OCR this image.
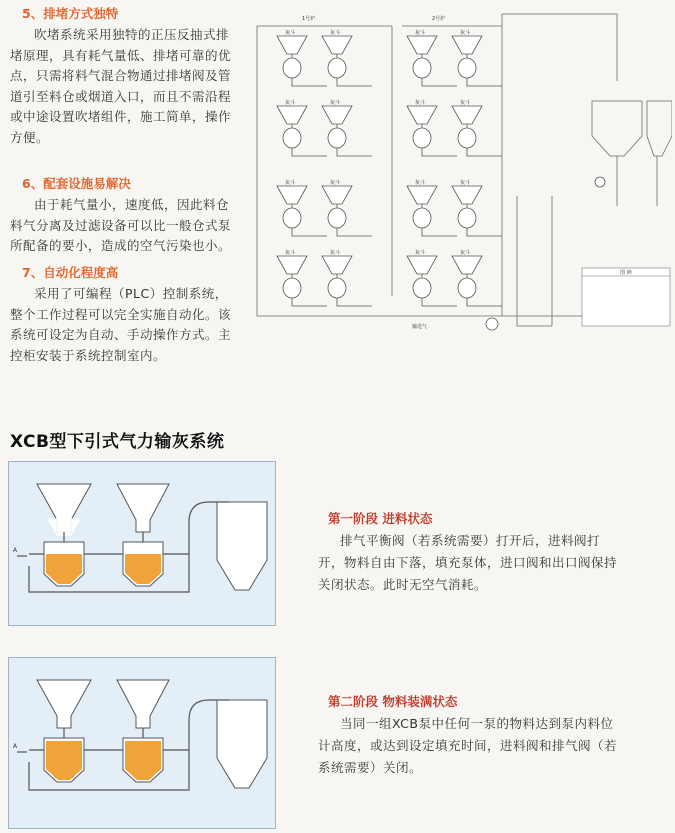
5、排堵方式独特
吹堵系统采用独特的正压反抽式排
堵原理，具有耗气量低、排堵可靠的优
点，只需将料气混合物通过排堵阀及管
道引至料仓或烟道入口，而且不需沿程
或中途设置吹堵组件，施工简单，操作
方便。
6、配套设施易解决
由于耗气量小，速度低，因此料仓
料气分离及过滤设备可以比一般仓式泵
所配备的要小，造成的空气污染也小。
7、自动化程度高
采用了可编程（PLC）控制系统，
整个工作过程可以完全实施自动化。该
系统可设定为自动、手动操作方式。主
控柜安装于系统控制室内。
灰斗	灰斗
灰斗	灰斗
灰斗	灰斗
灰斗	灰斗
灰斗	灰斗
灰斗	灰斗
灰斗	灰斗
灰斗	灰斗
图 例
1号炉	2号炉
输送气
XCB型下引式气力输灰系统
A
第一阶段 进料状态
排气平衡阀（若系统需要）打开后，进料阀打
开，物料自由下落，填充泵体，进口阀和出口阀保持
关闭状态。此时无空气消耗。
A
第二阶段 物料装满状态
当同一组XCB泵中任何一泵的物料达到泵内料位
计高度，或达到设定填充时间，进料阀和排气阀（若
系统需要）关闭。
